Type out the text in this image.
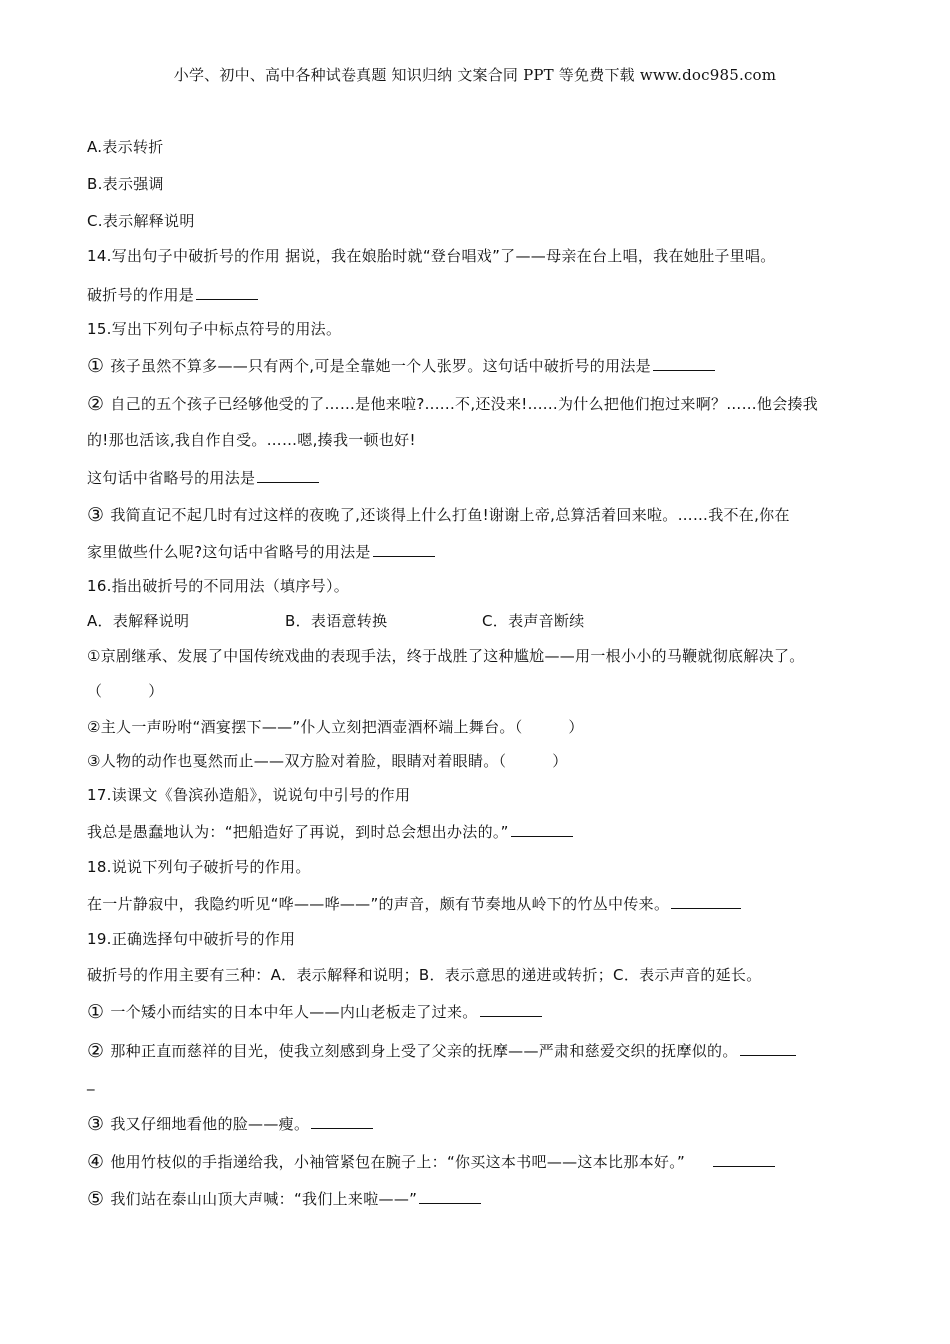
小学、初中、高中各种试卷真题 知识归纳 文案合同 PPT 等免费下载 www.doc985.com
A.表示转折
B.表示强调
C.表示解释说明
14.写出句子中破折号的作用 据说，我在娘胎时就“登台唱戏”了——母亲在台上唱，我在她肚子里唱。
破折号的作用是
15.写出下列句子中标点符号的用法。
① 孩子虽然不算多——只有两个,可是全靠她一个人张罗。这句话中破折号的用法是
② 自己的五个孩子已经够他受的了……是他来啦?......不,还没来!......为什么把他们抱过来啊？……他会揍我
的!那也活该,我自作自受。……嗯,揍我一顿也好!
这句话中省略号的用法是
③ 我简直记不起几时有过这样的夜晚了,还谈得上什么打鱼!谢谢上帝,总算活着回来啦。……我不在,你在
家里做些什么呢?这句话中省略号的用法是
16.指出破折号的不同用法（填序号）。
A．表解释说明	B．表语意转换	C．表声音断续
①京剧继承、发展了中国传统戏曲的表现手法，终于战胜了这种尴尬——用一根小小的马鞭就彻底解决了。
（　　　）
②主人一声吩咐“酒宴摆下——”仆人立刻把酒壶酒杯端上舞台。（　　　）
③人物的动作也戛然而止——双方脸对着脸，眼睛对着眼睛。（　　　）
17.读课文《鲁滨孙造船》，说说句中引号的作用
我总是愚蠢地认为：“把船造好了再说，到时总会想出办法的。”
18.说说下列句子破折号的作用。
在一片静寂中，我隐约听见“哗——哗——”的声音，颇有节奏地从岭下的竹丛中传来。
19.正确选择句中破折号的作用
破折号的作用主要有三种：A．表示解释和说明；B．表示意思的递进或转折；C．表示声音的延长。
① 一个矮小而结实的日本中年人——内山老板走了过来。
② 那种正直而慈祥的目光，使我立刻感到身上受了父亲的抚摩——严肃和慈爱交织的抚摩似的。
_
③ 我又仔细地看他的脸——瘦。
④ 他用竹枝似的手指递给我，小袖管紧包在腕子上：“你买这本书吧——这本比那本好。”
⑤ 我们站在泰山山顶大声喊：“我们上来啦——”
